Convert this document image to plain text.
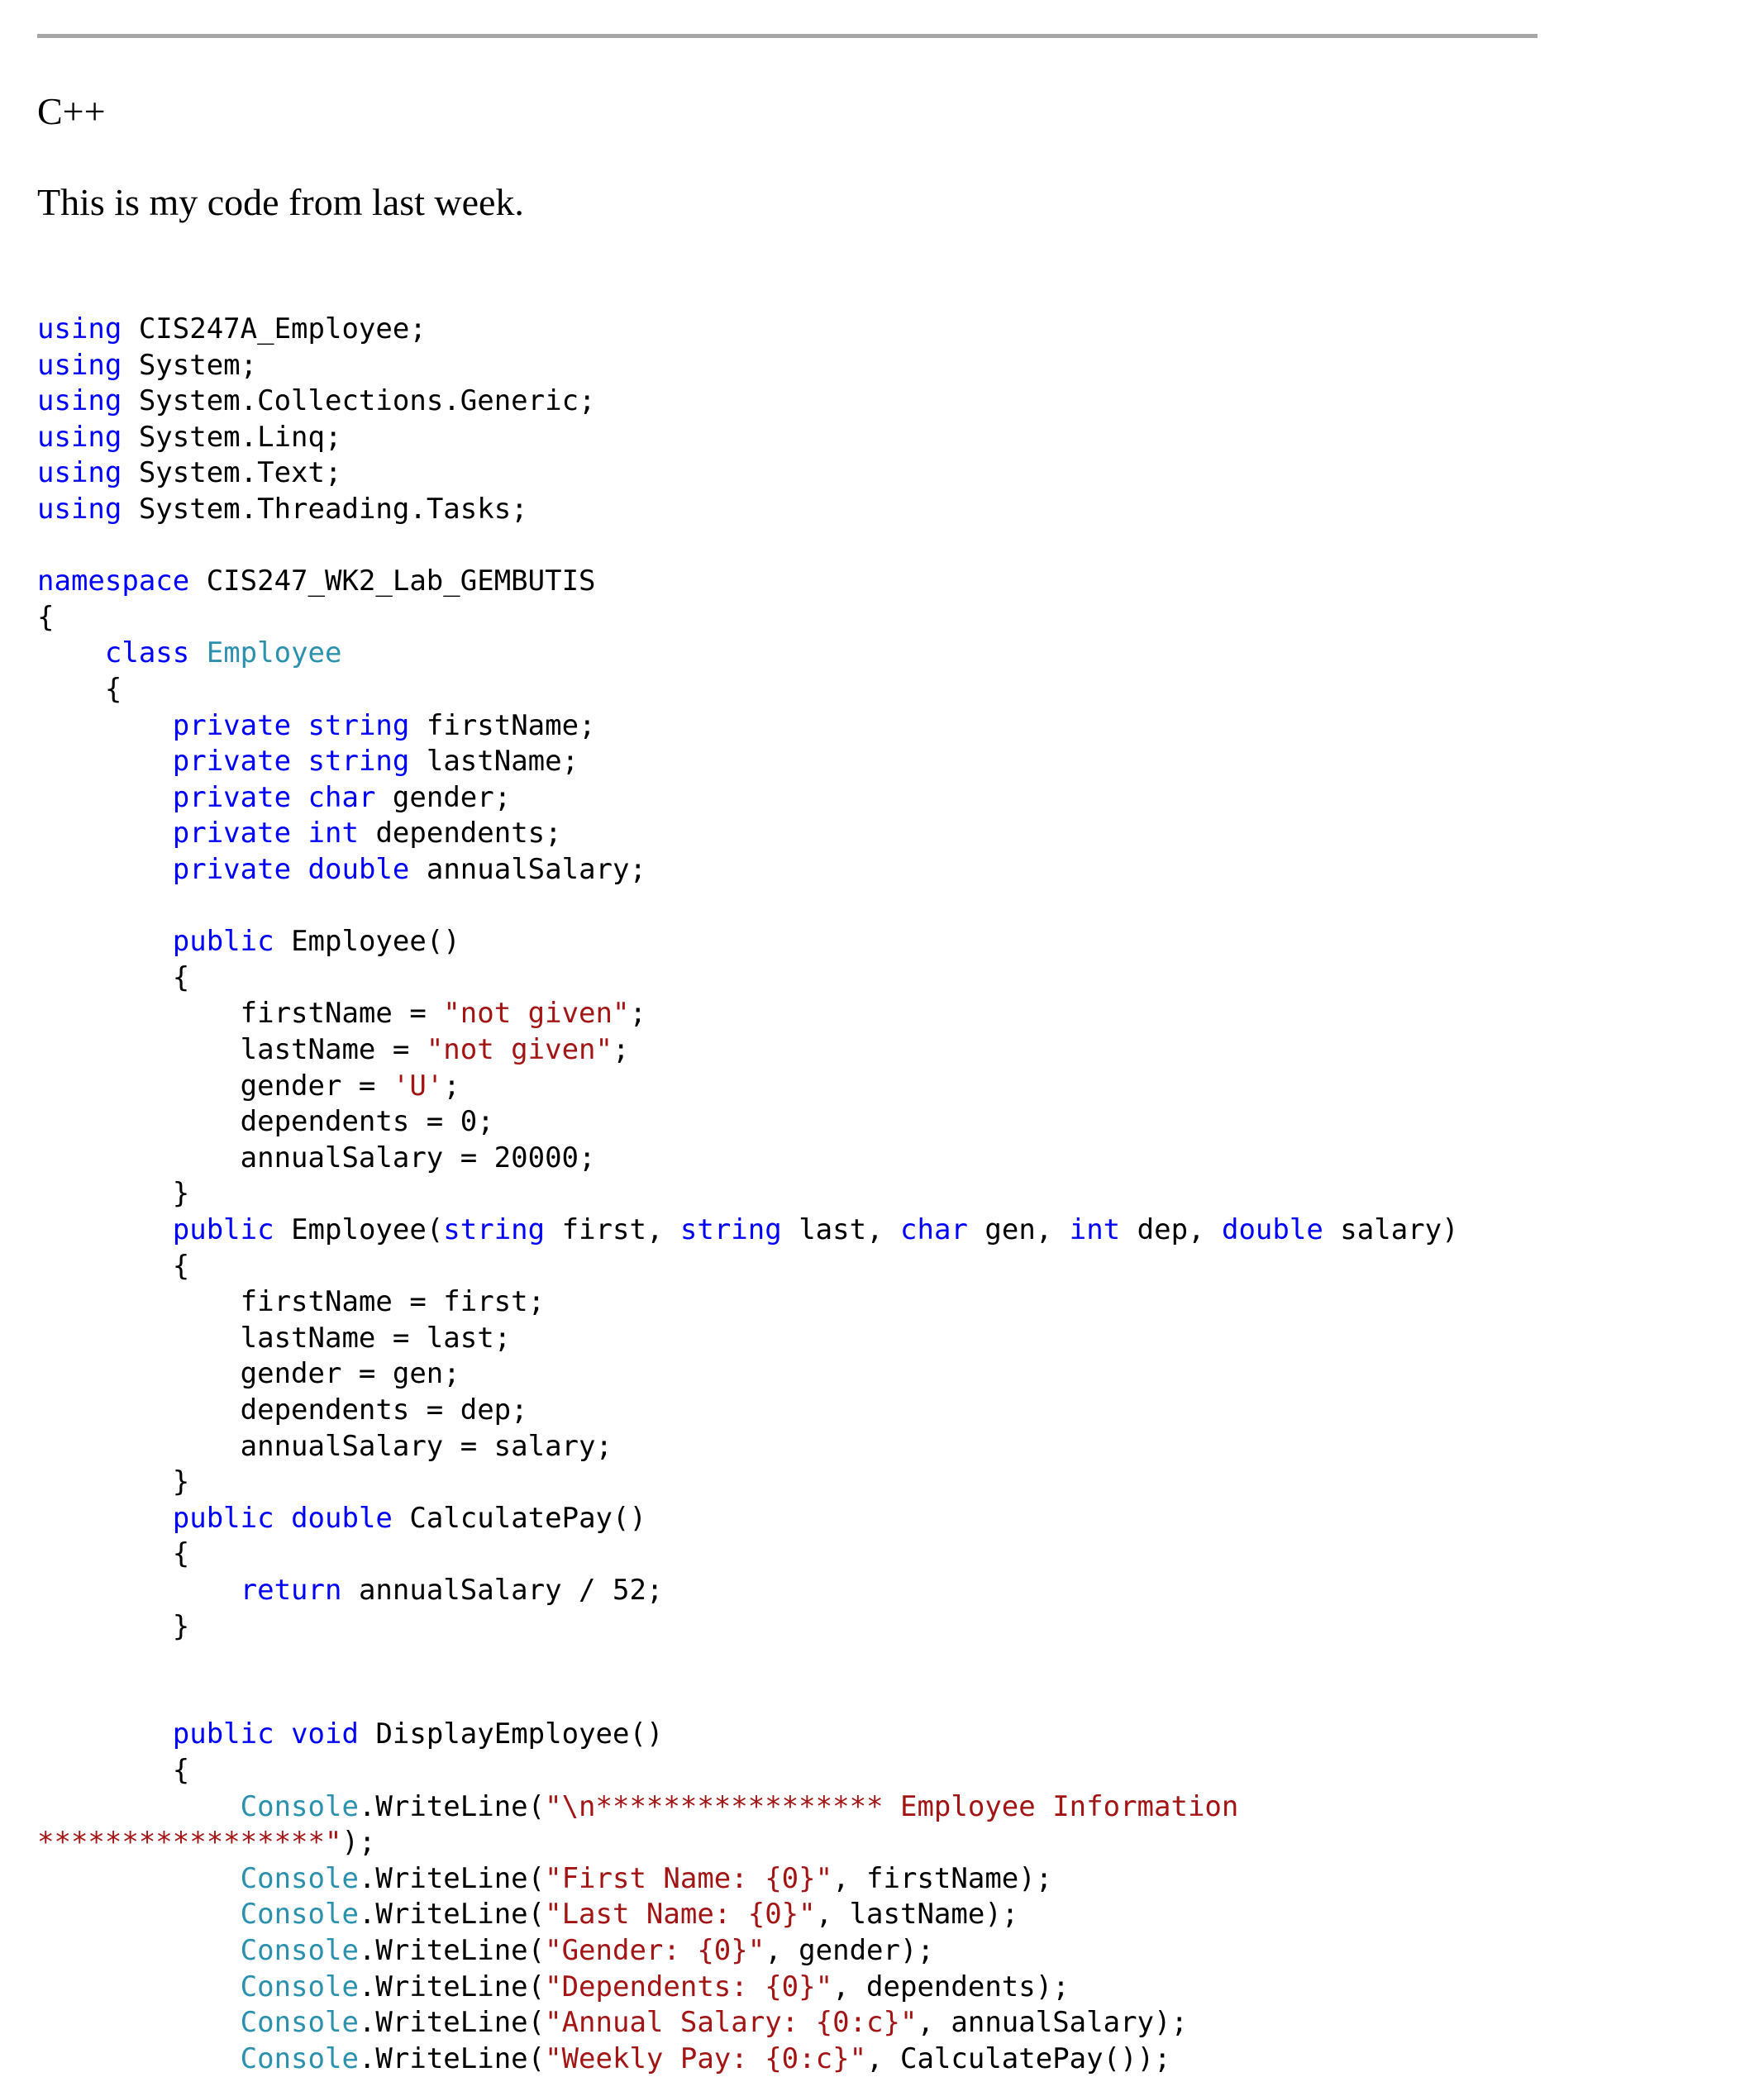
C++

This is my code from last week.

using CIS247A_Employee;
using System;
using System.Collections.Generic;
using System.Linq;
using System.Text;
using System.Threading.Tasks;
namespace CIS247_WK2_Lab_GEMBUTIS
{
class Employee
{
private string firstName;
private string lastName;
private char gender;
private int dependents;
private double annualSalary;
public Employee()
{
firstName = "not given";
lastName = "not given";
gender = 'U';
dependents = 0;
annualSalary = 20000;
}
public Employee(string first, string last, char gen, int dep, double salary)
{
firstName = first;
lastName = last;
gender = gen;
dependents = dep;
annualSalary = salary;
}
public double CalculatePay()
{
return annualSalary / 52;
}
public void DisplayEmployee()
{
Console.WriteLine("\n***************** Employee Information
*****************");
Console.WriteLine("First Name: {0}", firstName);
Console.WriteLine("Last Name: {0}", lastName);
Console.WriteLine("Gender: {0}", gender);
Console.WriteLine("Dependents: {0}", dependents);
Console.WriteLine("Annual Salary: {0:c}", annualSalary);
Console.WriteLine("Weekly Pay: {0:c}", CalculatePay());
